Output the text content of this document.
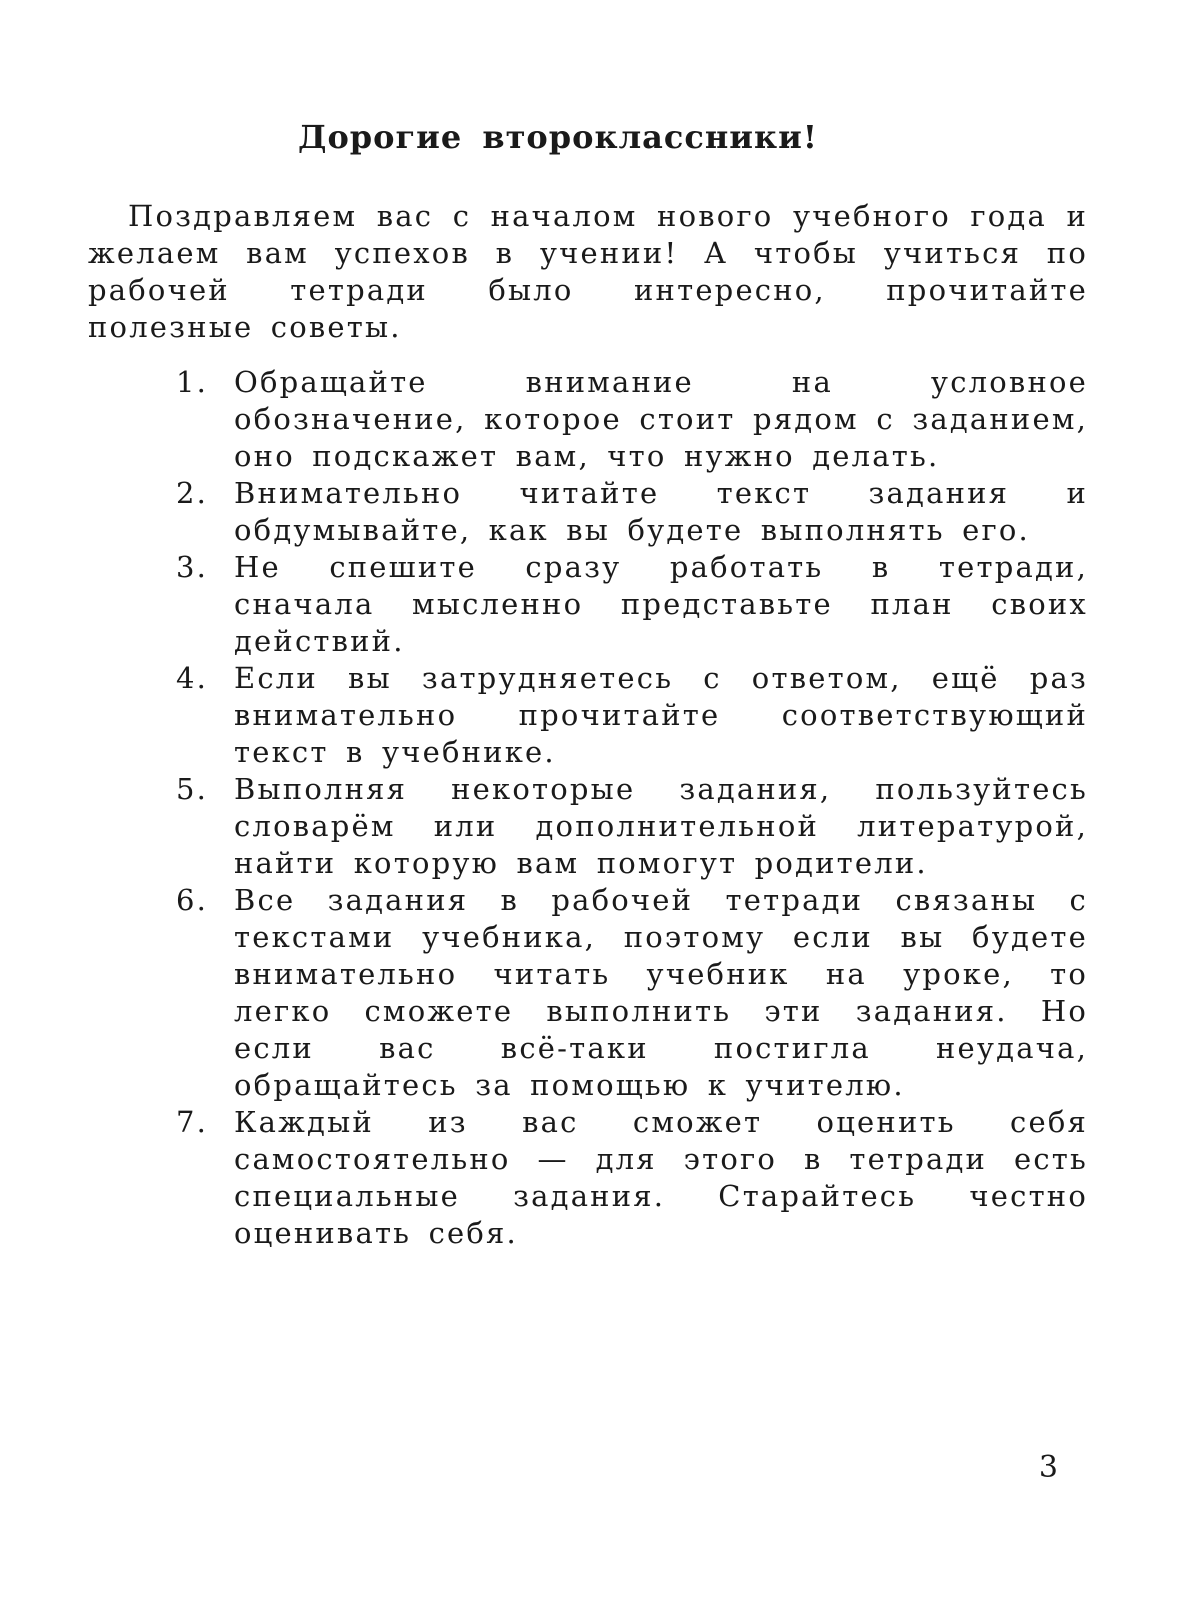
Дорогие второклассники!

Поздравляем вас с началом нового учебного года и желаем вам успехов в учении! А чтобы учиться по рабочей тетради было интересно, прочитайте полезные советы.

1. Обращайте внимание на условное обозначение, которое стоит рядом с заданием, оно подскажет вам, что нужно делать.
2. Внимательно читайте текст задания и обдумывайте, как вы будете выполнять его.
3. Не спешите сразу работать в тетради, сначала мысленно представьте план своих действий.
4. Если вы затрудняетесь с ответом, ещё раз внимательно прочитайте соответствующий текст в учебнике.
5. Выполняя некоторые задания, пользуйтесь словарём или дополнительной литературой, найти которую вам помогут родители.
6. Все задания в рабочей тетради связаны с текстами учебника, поэтому если вы будете внимательно читать учебник на уроке, то легко сможете выполнить эти задания. Но если вас всё-таки постигла неудача, обращайтесь за помощью к учителю.
7. Каждый из вас сможет оценить себя самостоятельно — для этого в тетради есть специальные задания. Старайтесь честно оценивать себя.

3
